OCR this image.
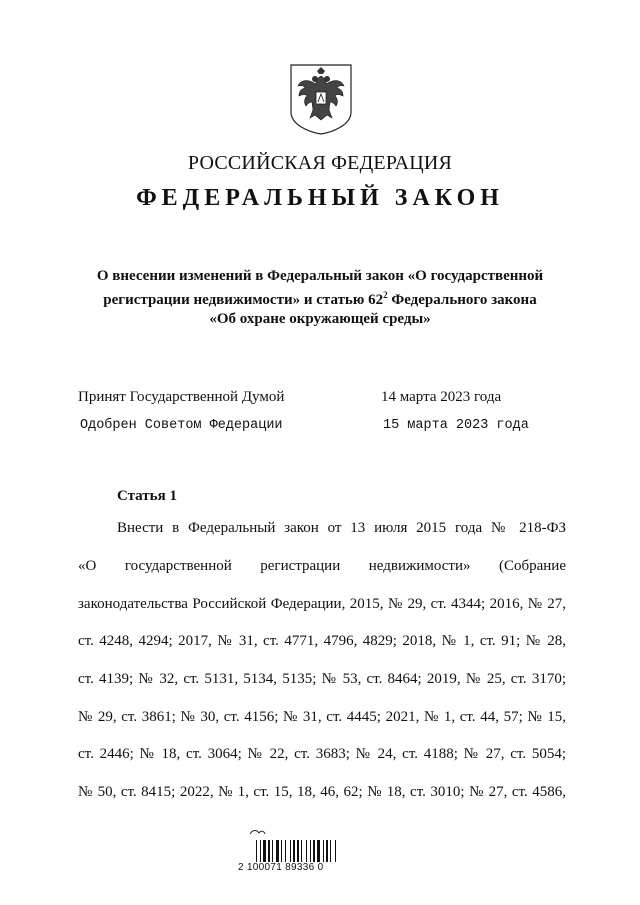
РОССИЙСКАЯ ФЕДЕРАЦИЯ
ФЕДЕРАЛЬНЫЙ ЗАКОН
О внесении изменений в Федеральный закон «О государственной
регистрации недвижимости» и статью $62^2$ Федерального закона
«Об охране окружающей среды»
Принят Государственной Думой	14 марта 2023 года
Одобрен Советом Федерации	15 марта 2023 года
Статья 1
Внести в Федеральный закон от 13 июля 2015 года № 218-ФЗ
«О государственной регистрации недвижимости» (Собрание
законодательства Российской Федерации, 2015, № 29, ст. 4344; 2016, № 27,
ст. 4248, 4294; 2017, № 31, ст. 4771, 4796, 4829; 2018, № 1, ст. 91; № 28,
ст. 4139; № 32, ст. 5131, 5134, 5135; № 53, ст. 8464; 2019, № 25, ст. 3170;
№ 29, ст. 3861; № 30, ст. 4156; № 31, ст. 4445; 2021, № 1, ст. 44, 57; № 15,
ст. 2446; № 18, ст. 3064; № 22, ст. 3683; № 24, ст. 4188; № 27, ст. 5054;
№ 50, ст. 8415; 2022, № 1, ст. 15, 18, 46, 62; № 18, ст. 3010; № 27, ст. 4586,
2 100071 89336 0
